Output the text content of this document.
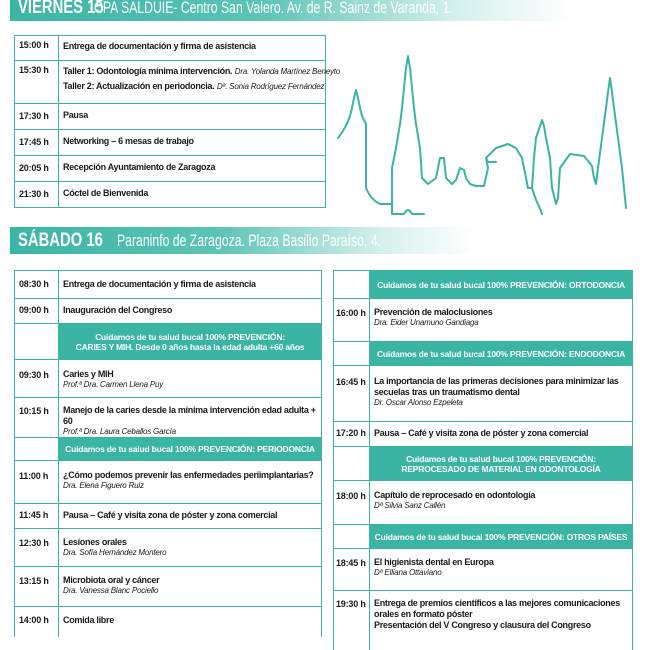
VIERNES 15
CPA SALDUIE- Centro San Valero. Av. de R. Sainz de Varanda, 1.
15:00 h	Entrega de documentación y firma de asistencia
15:30 h	Taller 1: Odontología mínima intervención. Dra. Yolanda Martínez Beneyto
Taller 2: Actualización en periodoncia. Dª. Sonia Rodríguez Fernández
17:30 h	Pausa
17:45 h	Networking – 6 mesas de trabajo
20:05 h	Recepción Ayuntamiento de Zaragoza
21:30 h	Cóctel de Bienvenida
SÁBADO 16 Paraninfo de Zaragoza. Plaza Basilio Paraíso, 4.
08:30 h	Entrega de documentación y firma de asistencia
09:00 h	Inauguración del Congreso
Cuidamos de tu salud bucal 100% PREVENCIÓN:
CARIES Y MIH. Desde 0 años hasta la edad adulta +60 años
09:30 h	Caries y MIH
Prof.ª Dra. Carmen Llena Puy
10:15 h	Manejo de la caries desde la mínima intervención edad adulta + 60
Prof.ª Dra. Laura Ceballos García
Cuidamos de tu salud bucal 100% PREVENCIÓN: PERIODONCIA
11:00 h	¿Cómo podemos prevenir las enfermedades periimplantarias?
Dra. Elena Figuero Ruiz
11:45 h	Pausa – Café y visita zona de póster y zona comercial
12:30 h	Lesiones orales
Dra. Sofía Hernández Montero
13:15 h	Microbiota oral y cáncer
Dra. Vanessa Blanc Pociello
14:00 h	Comida libre
Cuidamos de tu salud bucal 100% PREVENCIÓN: ORTODONCIA
16:00 h Prevención de maloclusiones
Dra. Eider Unamuno Gandiaga
Cuidamos de tu salud bucal 100% PREVENCIÓN: ENDODONCIA
16:45 h La importancia de las primeras decisiones para minimizar las secuelas tras un traumatismo dental
Dr. Oscar Alonso Ezpeleta
17:20 h Pausa – Café y visita zona de póster y zona comercial
Cuidamos de tu salud bucal 100% PREVENCIÓN:
REPROCESADO DE MATERIAL EN ODONTOLOGÍA
18:00 h Capítulo de reprocesado en odontología
Dª Silvia Sanz Callén
Cuidamos de tu salud bucal 100% PREVENCIÓN: OTROS PAÍSES
18:45 h El higienista dental en Europa
Dª Elliana Ottaviano
19:30 h Entrega de premios científicos a las mejores comunicaciones orales en formato póster
Presentación del V Congreso y clausura del Congreso
